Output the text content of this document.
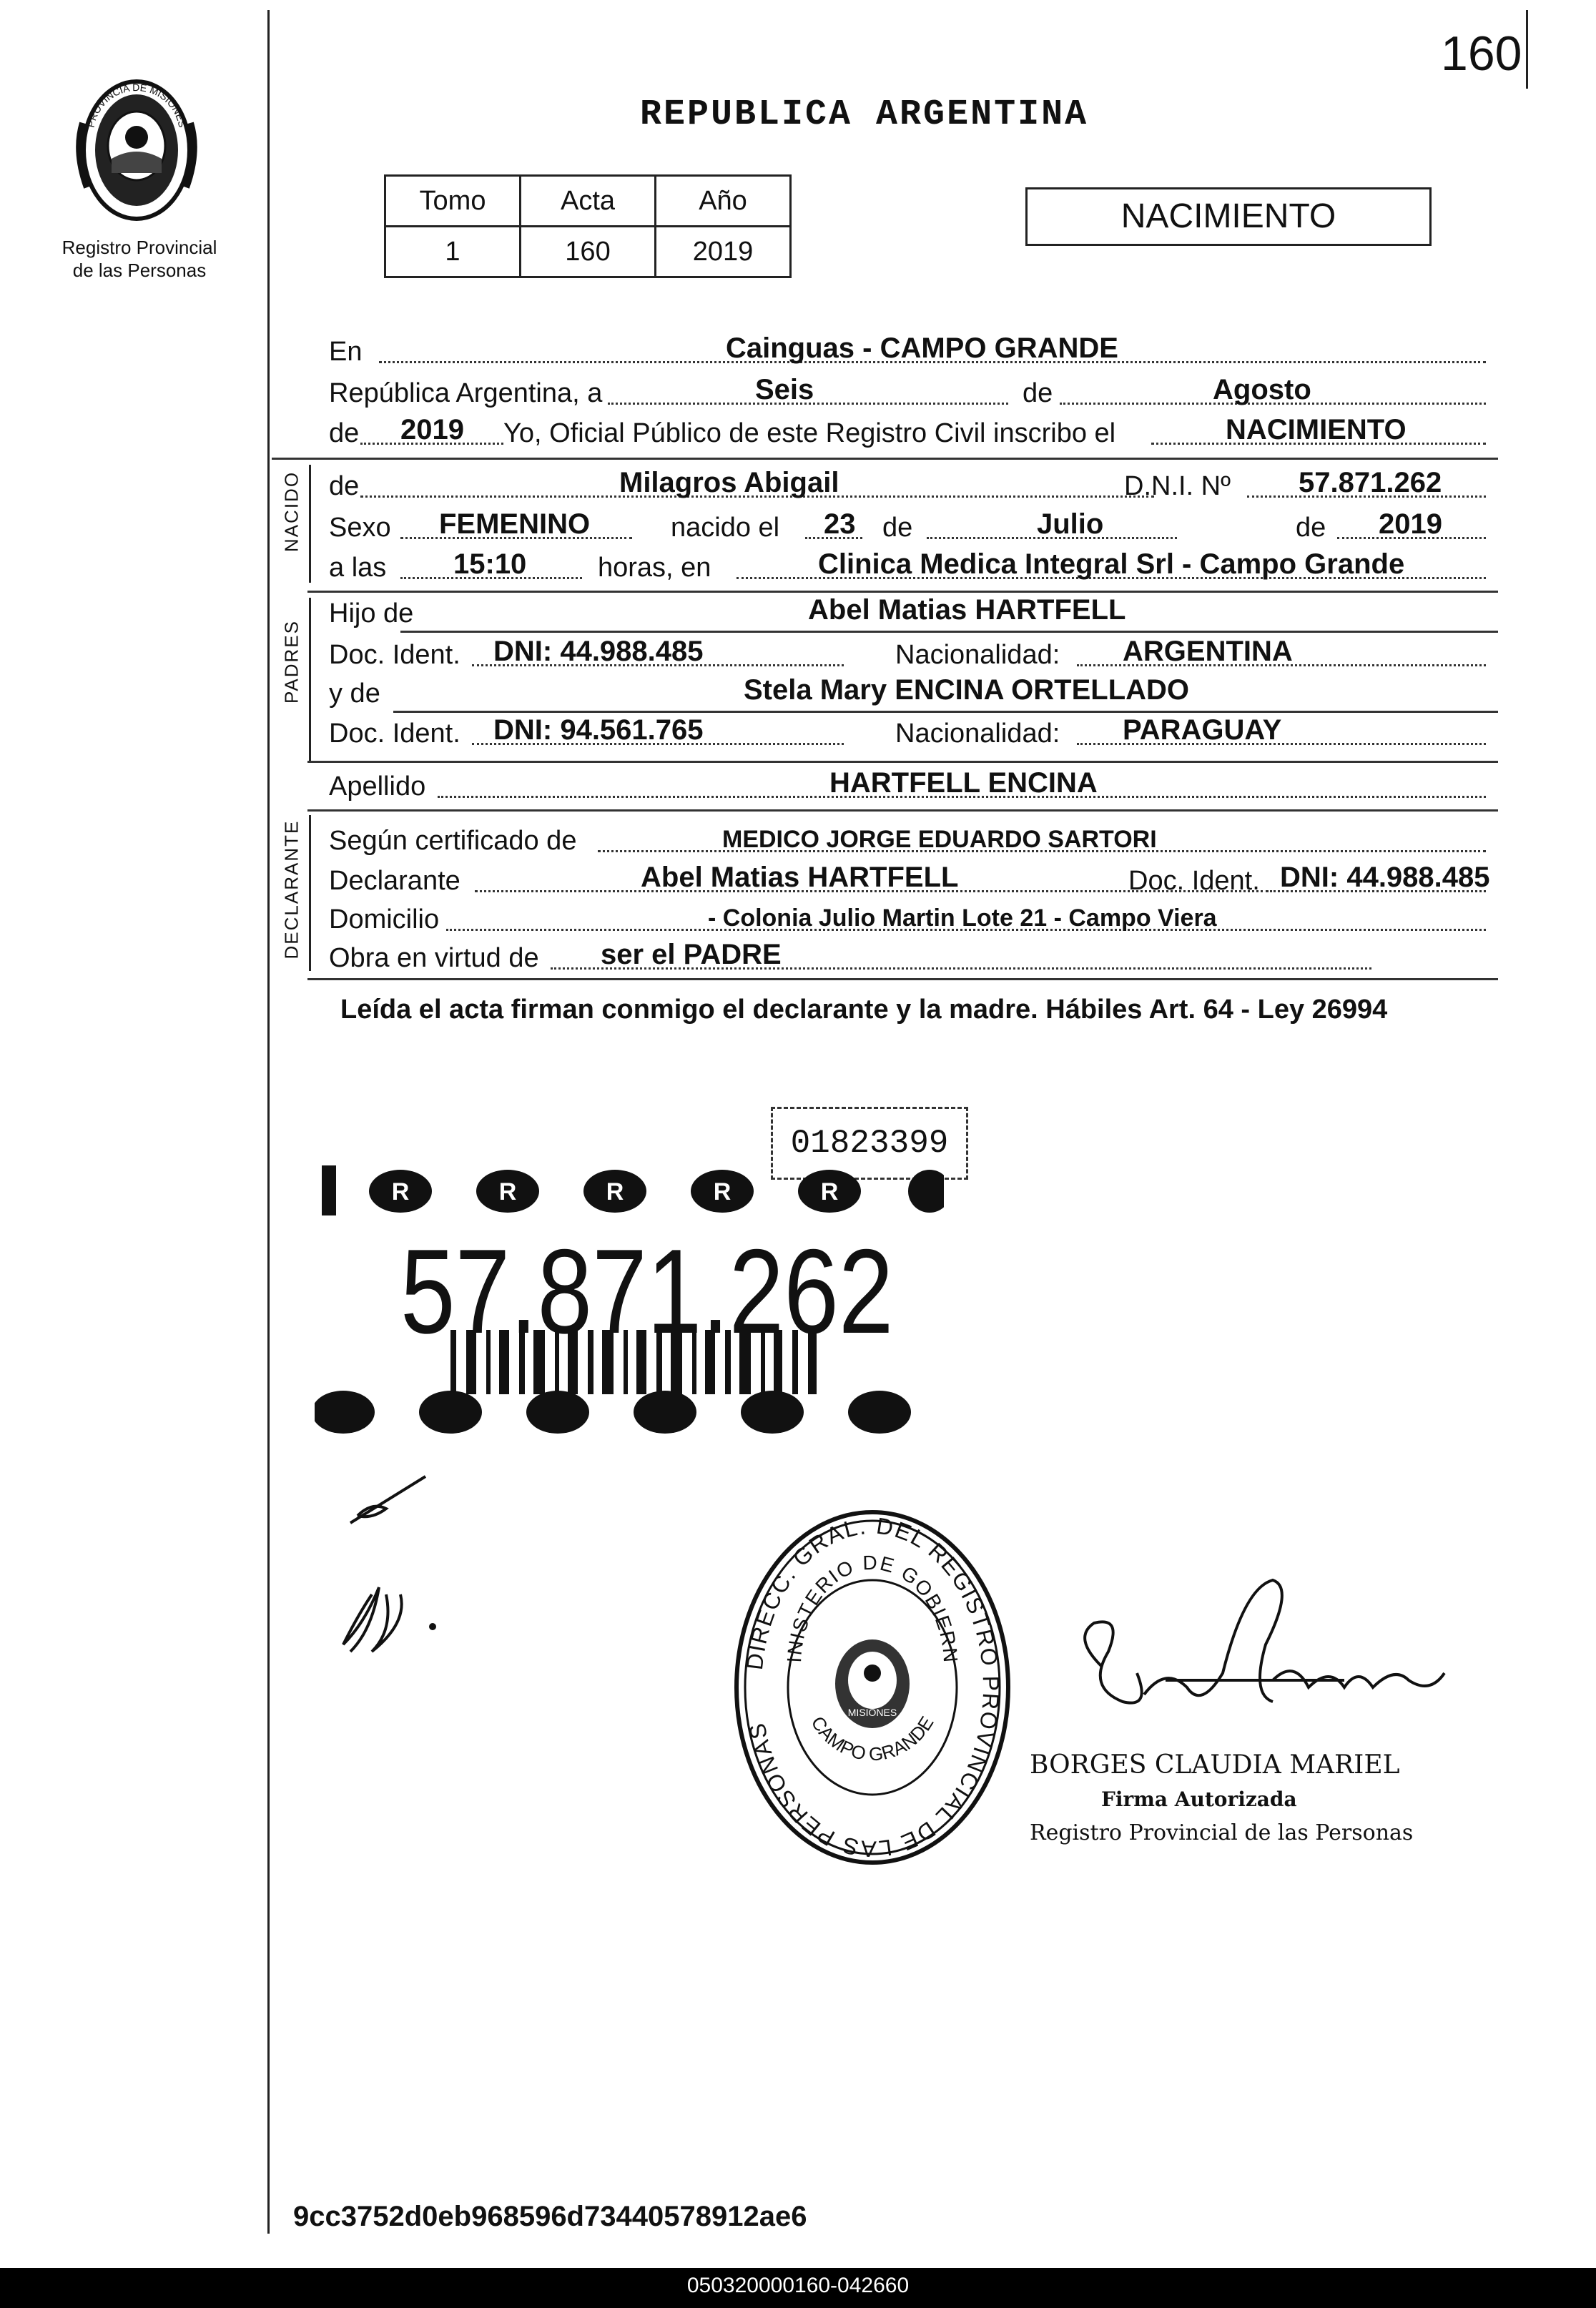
160
REPUBLICA ARGENTINA
PROVINCIA DE MISIONES
Registro Provincial
de las Personas
Tomo	Acta	Año
1	160	2019
NACIMIENTO
En	Cainguas - CAMPO GRANDE
República Argentina, a	Seis	de	Agosto
de 2019 Yo, Oficial Público de este Registro Civil inscribo el	NACIMIENTO
NACIDO de	Milagros Abigail	D.N.I. Nº 57.871.262
Sexo FEMENINO	nacido el 23 de	Julio	de 2019
a las 15:10	horas, en	Clinica Medica Integral Srl - Campo Grande
PADRES
Hijo de	Abel Matias HARTFELL
Doc. Ident. DNI: 44.988.485	Nacionalidad: ARGENTINA
y de	Stela Mary ENCINA ORTELLADO
Doc. Ident. DNI: 94.561.765	Nacionalidad: PARAGUAY
Apellido	HARTFELL ENCINA
DECLARANTE Según certificado de	MEDICO JORGE EDUARDO SARTORI
Declarante	Abel Matias HARTFELL	Doc. Ident. DNI: 44.988.485
Domicilio	- Colonia Julio Martin Lote 21 - Campo Viera
Obra en virtud de ser el PADRE
Leída el acta firman conmigo el declarante y la madre. Hábiles Art. 64 - Ley 26994
01823399
R	R	R	R	R
57.871.262
DIRECC. GRAL. DEL REGISTRO PROVINCIAL DE LAS PERSONAS
INISTERIO DE GOBIERN
CAMPO GRANDE
MISIONES
BORGES CLAUDIA MARIEL
Firma Autorizada
Registro Provincial de las Personas
9cc3752d0eb968596d73440578912ae6
050320000160-042660
